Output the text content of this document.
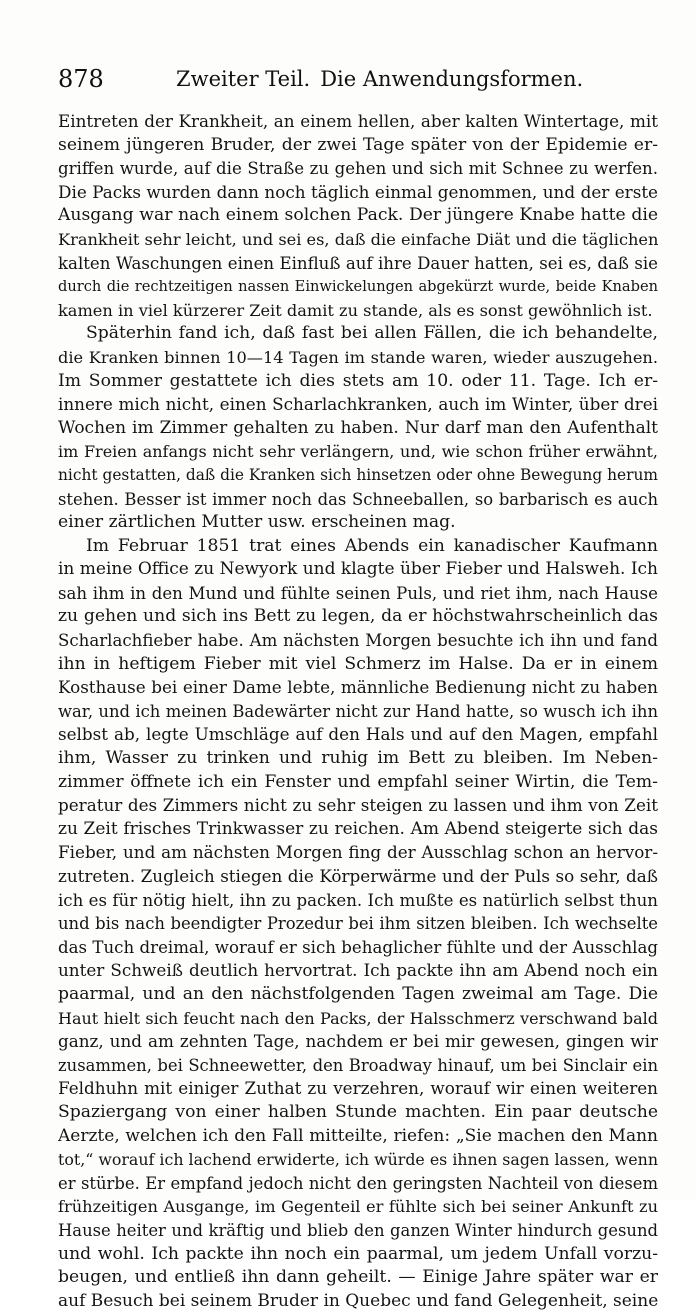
878	Zweiter Teil. Die Anwendungsformen.
Eintreten der Krankheit, an einem hellen, aber kalten Wintertage, mit
seinem jüngeren Bruder, der zwei Tage später von der Epidemie er-
griffen wurde, auf die Straße zu gehen und sich mit Schnee zu werfen.
Die Packs wurden dann noch täglich einmal genommen, und der erste
Ausgang war nach einem solchen Pack. Der jüngere Knabe hatte die
Krankheit sehr leicht, und sei es, daß die einfache Diät und die täglichen
kalten Waschungen einen Einfluß auf ihre Dauer hatten, sei es, daß sie
durch die rechtzeitigen nassen Einwickelungen abgekürzt wurde, beide Knaben
kamen in viel kürzerer Zeit damit zu stande, als es sonst gewöhnlich ist.
Späterhin fand ich, daß fast bei allen Fällen, die ich behandelte,
die Kranken binnen 10—14 Tagen im stande waren, wieder auszugehen.
Im Sommer gestattete ich dies stets am 10. oder 11. Tage. Ich er-
innere mich nicht, einen Scharlachkranken, auch im Winter, über drei
Wochen im Zimmer gehalten zu haben. Nur darf man den Aufenthalt
im Freien anfangs nicht sehr verlängern, und, wie schon früher erwähnt,
nicht gestatten, daß die Kranken sich hinsetzen oder ohne Bewegung herum
stehen. Besser ist immer noch das Schneeballen, so barbarisch es auch
einer zärtlichen Mutter usw. erscheinen mag.
Im Februar 1851 trat eines Abends ein kanadischer Kaufmann
in meine Office zu Newyork und klagte über Fieber und Halsweh. Ich
sah ihm in den Mund und fühlte seinen Puls, und riet ihm, nach Hause
zu gehen und sich ins Bett zu legen, da er höchstwahrscheinlich das
Scharlachfieber habe. Am nächsten Morgen besuchte ich ihn und fand
ihn in heftigem Fieber mit viel Schmerz im Halse. Da er in einem
Kosthause bei einer Dame lebte, männliche Bedienung nicht zu haben
war, und ich meinen Badewärter nicht zur Hand hatte, so wusch ich ihn
selbst ab, legte Umschläge auf den Hals und auf den Magen, empfahl
ihm, Wasser zu trinken und ruhig im Bett zu bleiben. Im Neben-
zimmer öffnete ich ein Fenster und empfahl seiner Wirtin, die Tem-
peratur des Zimmers nicht zu sehr steigen zu lassen und ihm von Zeit
zu Zeit frisches Trinkwasser zu reichen. Am Abend steigerte sich das
Fieber, und am nächsten Morgen fing der Ausschlag schon an hervor-
zutreten. Zugleich stiegen die Körperwärme und der Puls so sehr, daß
ich es für nötig hielt, ihn zu packen. Ich mußte es natürlich selbst thun
und bis nach beendigter Prozedur bei ihm sitzen bleiben. Ich wechselte
das Tuch dreimal, worauf er sich behaglicher fühlte und der Ausschlag
unter Schweiß deutlich hervortrat. Ich packte ihn am Abend noch ein
paarmal, und an den nächstfolgenden Tagen zweimal am Tage. Die
Haut hielt sich feucht nach den Packs, der Halsschmerz verschwand bald
ganz, und am zehnten Tage, nachdem er bei mir gewesen, gingen wir
zusammen, bei Schneewetter, den Broadway hinauf, um bei Sinclair ein
Feldhuhn mit einiger Zuthat zu verzehren, worauf wir einen weiteren
Spaziergang von einer halben Stunde machten. Ein paar deutsche
Aerzte, welchen ich den Fall mitteilte, riefen: „Sie machen den Mann
tot,“ worauf ich lachend erwiderte, ich würde es ihnen sagen lassen, wenn
er stürbe. Er empfand jedoch nicht den geringsten Nachteil von diesem
frühzeitigen Ausgange, im Gegenteil er fühlte sich bei seiner Ankunft zu
Hause heiter und kräftig und blieb den ganzen Winter hindurch gesund
und wohl. Ich packte ihn noch ein paarmal, um jedem Unfall vorzu-
beugen, und entließ ihn dann geheilt. — Einige Jahre später war er
auf Besuch bei seinem Bruder in Quebec und fand Gelegenheit, seine
